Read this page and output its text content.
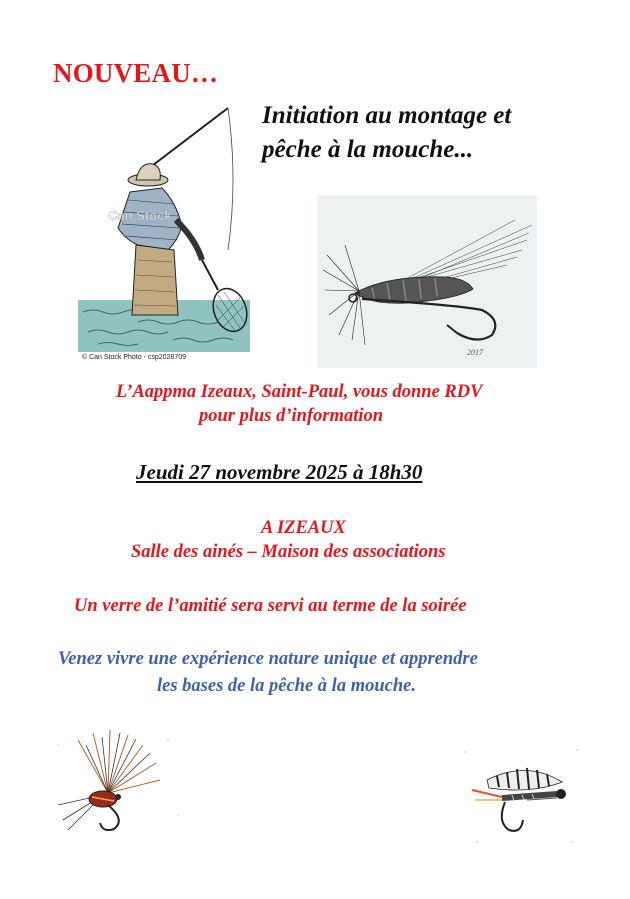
NOUVEAU…
Initiation au montage et
pêche à la mouche...
Can Stock
© Can Stock Photo - csp2028709
2017
L’Aappma Izeaux, Saint-Paul, vous donne RDV
pour plus d’information
Jeudi 27 novembre 2025 à 18h30
A IZEAUX
Salle des ainés – Maison des associations
Un verre de l’amitié sera servi au terme de la soirée
Venez vivre une expérience nature unique et apprendre
les bases de la pêche à la mouche.
